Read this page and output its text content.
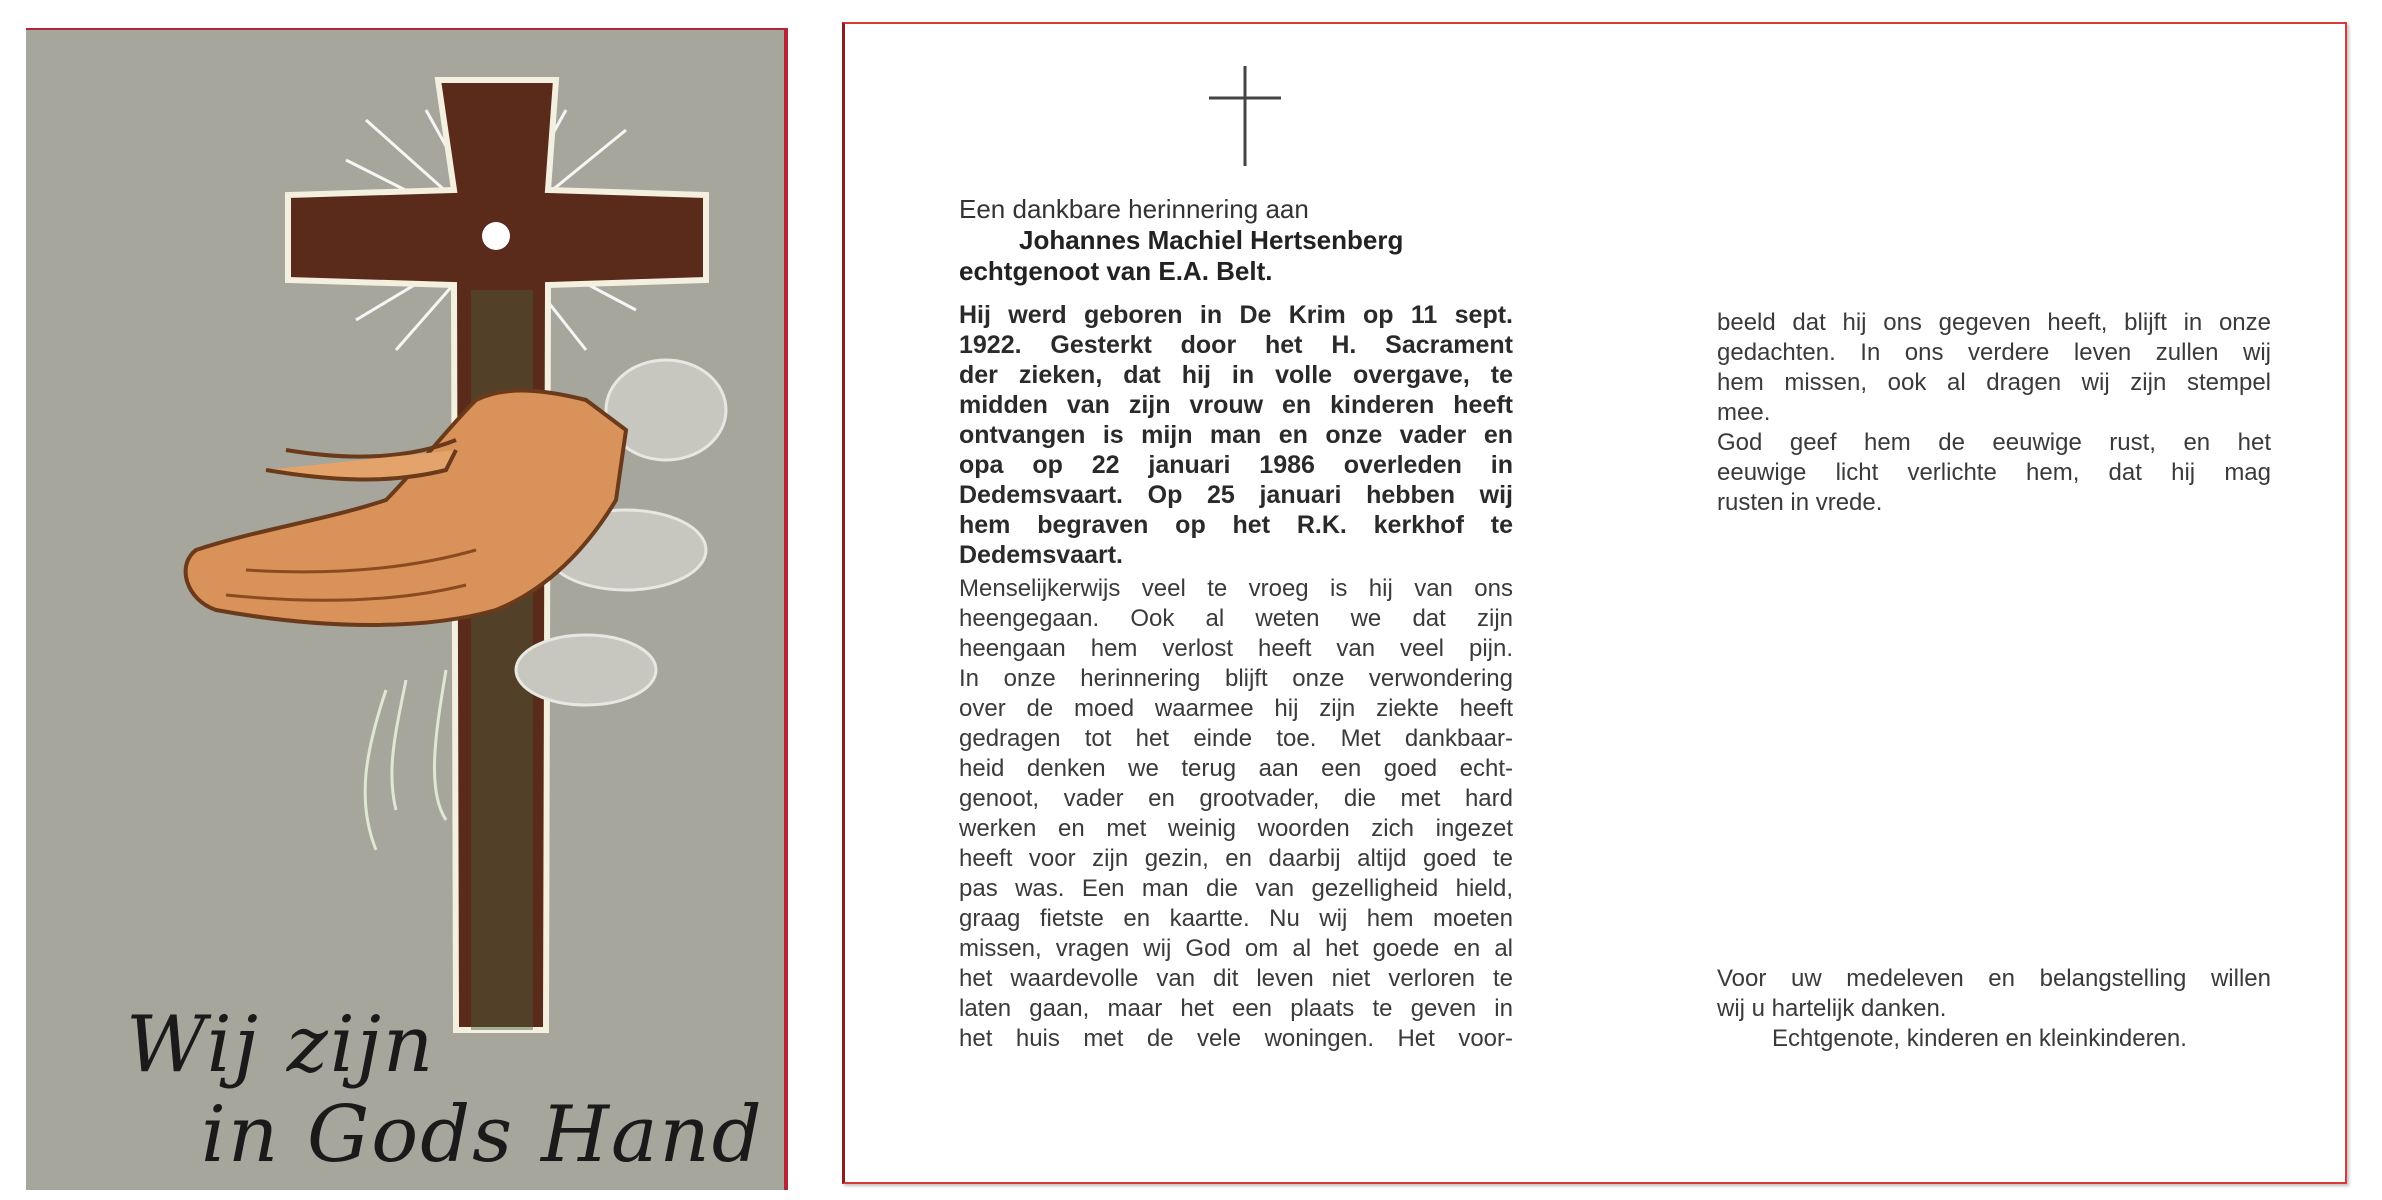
Wij zijn
in Gods Hand
Een dankbare herinnering aan
Johannes Machiel Hertsenberg
echtgenoot van E.A. Belt.

Hij werd geboren in De Krim op 11 sept.

1922. Gesterkt door het H. Sacrament

der zieken, dat hij in volle overgave, te

midden van zijn vrouw en kinderen heeft

ontvangen is mijn man en onze vader en

opa op 22 januari 1986 overleden in

Dedemsvaart. Op 25 januari hebben wij

hem begraven op het R.K. kerkhof te

Dedemsvaart.

Menselijkerwijs veel te vroeg is hij van ons

heengegaan. Ook al weten we dat zijn

heengaan hem verlost heeft van veel pijn.

In onze herinnering blijft onze verwondering

over de moed waarmee hij zijn ziekte heeft

gedragen tot het einde toe. Met dankbaar-

heid denken we terug aan een goed echt-

genoot, vader en grootvader, die met hard

werken en met weinig woorden zich ingezet

heeft voor zijn gezin, en daarbij altijd goed te

pas was. Een man die van gezelligheid hield,

graag fietste en kaartte. Nu wij hem moeten

missen, vragen wij God om al het goede en al

het waardevolle van dit leven niet verloren te

laten gaan, maar het een plaats te geven in

het huis met de vele woningen. Het voor-

beeld dat hij ons gegeven heeft, blijft in onze

gedachten. In ons verdere leven zullen wij

hem missen, ook al dragen wij zijn stempel

mee.

God geef hem de eeuwige rust, en het

eeuwige licht verlichte hem, dat hij mag

rusten in vrede.

Voor uw medeleven en belangstelling willen
wij u hartelijk danken.
Echtgenote, kinderen en kleinkinderen.
